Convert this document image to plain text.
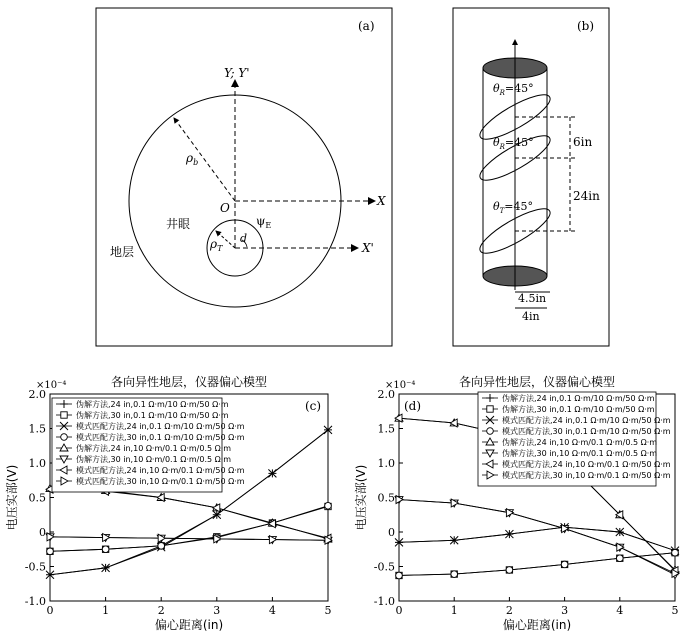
(a)
Y; Y'
X
X'
O
$\rho_b$
$\rho_T$
$\psi_E$
d
井眼
地层
(b)
6in
24in
4.5in
4in
$\theta_R=45^\circ$
$\theta_R=45^\circ$
$\theta_T=45^\circ$
0	1	2	3	4	5
-1.0
-0.5
0
0.5
1.0
1.5
2.0
×10⁻⁴	各向异性地层，仪器偏心模型
偏心距离(in)
电压实部(V)
(c)
伪解方法,24 in,0.1 Ω·m/10 Ω·m/50 Ω·m
伪解方法,30 in,0.1 Ω·m/10 Ω·m/50 Ω·m
模式匹配方法,24 in,0.1 Ω·m/10 Ω·m/50 Ω·m
模式匹配方法,30 in,0.1 Ω·m/10 Ω·m/50 Ω·m
伪解方法,24 in,10 Ω·m/0.1 Ω·m/0.5 Ω·m
伪解方法,30 in,10 Ω·m/0.1 Ω·m/0.5 Ω·m
模式匹配方法,24 in,10 Ω·m/0.1 Ω·m/50 Ω·m
模式匹配方法,30 in,10 Ω·m/0.1 Ω·m/50 Ω·m
0	1	2	3	4	5
-1.0
-0.5
0
0.5
1.0
1.5
2.0
×10⁻⁴	各向异性地层，仪器偏心模型
偏心距离(in)
电压实部(V)
(d)
伪解方法,24 in,0.1 Ω·m/10 Ω·m/50 Ω·m
伪解方法,30 in,0.1 Ω·m/10 Ω·m/50 Ω·m
模式匹配方法,24 in,0.1 Ω·m/10 Ω·m/50 Ω·m
模式匹配方法,30 in,0.1 Ω·m/10 Ω·m/50 Ω·m
伪解方法,24 in,10 Ω·m/0.1 Ω·m/0.5 Ω·m
伪解方法,30 in,10 Ω·m/0.1 Ω·m/0.5 Ω·m
模式匹配方法,24 in,10 Ω·m/0.1 Ω·m/50 Ω·m
模式匹配方法,30 in,10 Ω·m/0.1 Ω·m/50 Ω·m
